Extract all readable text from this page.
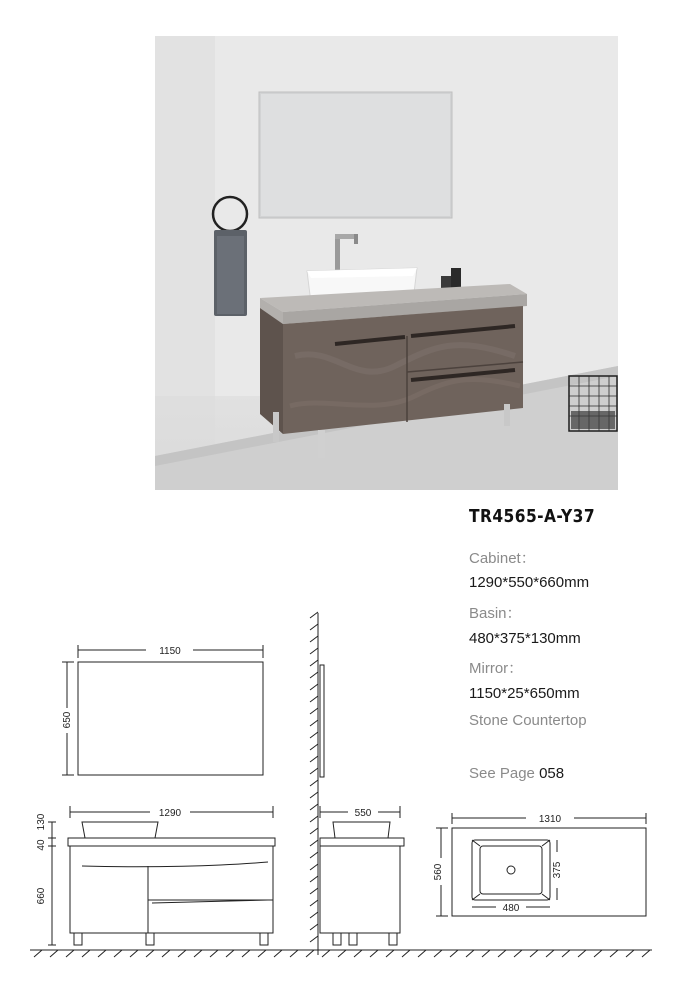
TR4565-A-Y37
Cabinet：
1290*550*660mm
Basin：
480*375*130mm
Mirror：
1150*25*650mm
Stone Countertop
See Page 058
1150
650
1290	550
130
40
660
1310
560
480
375
